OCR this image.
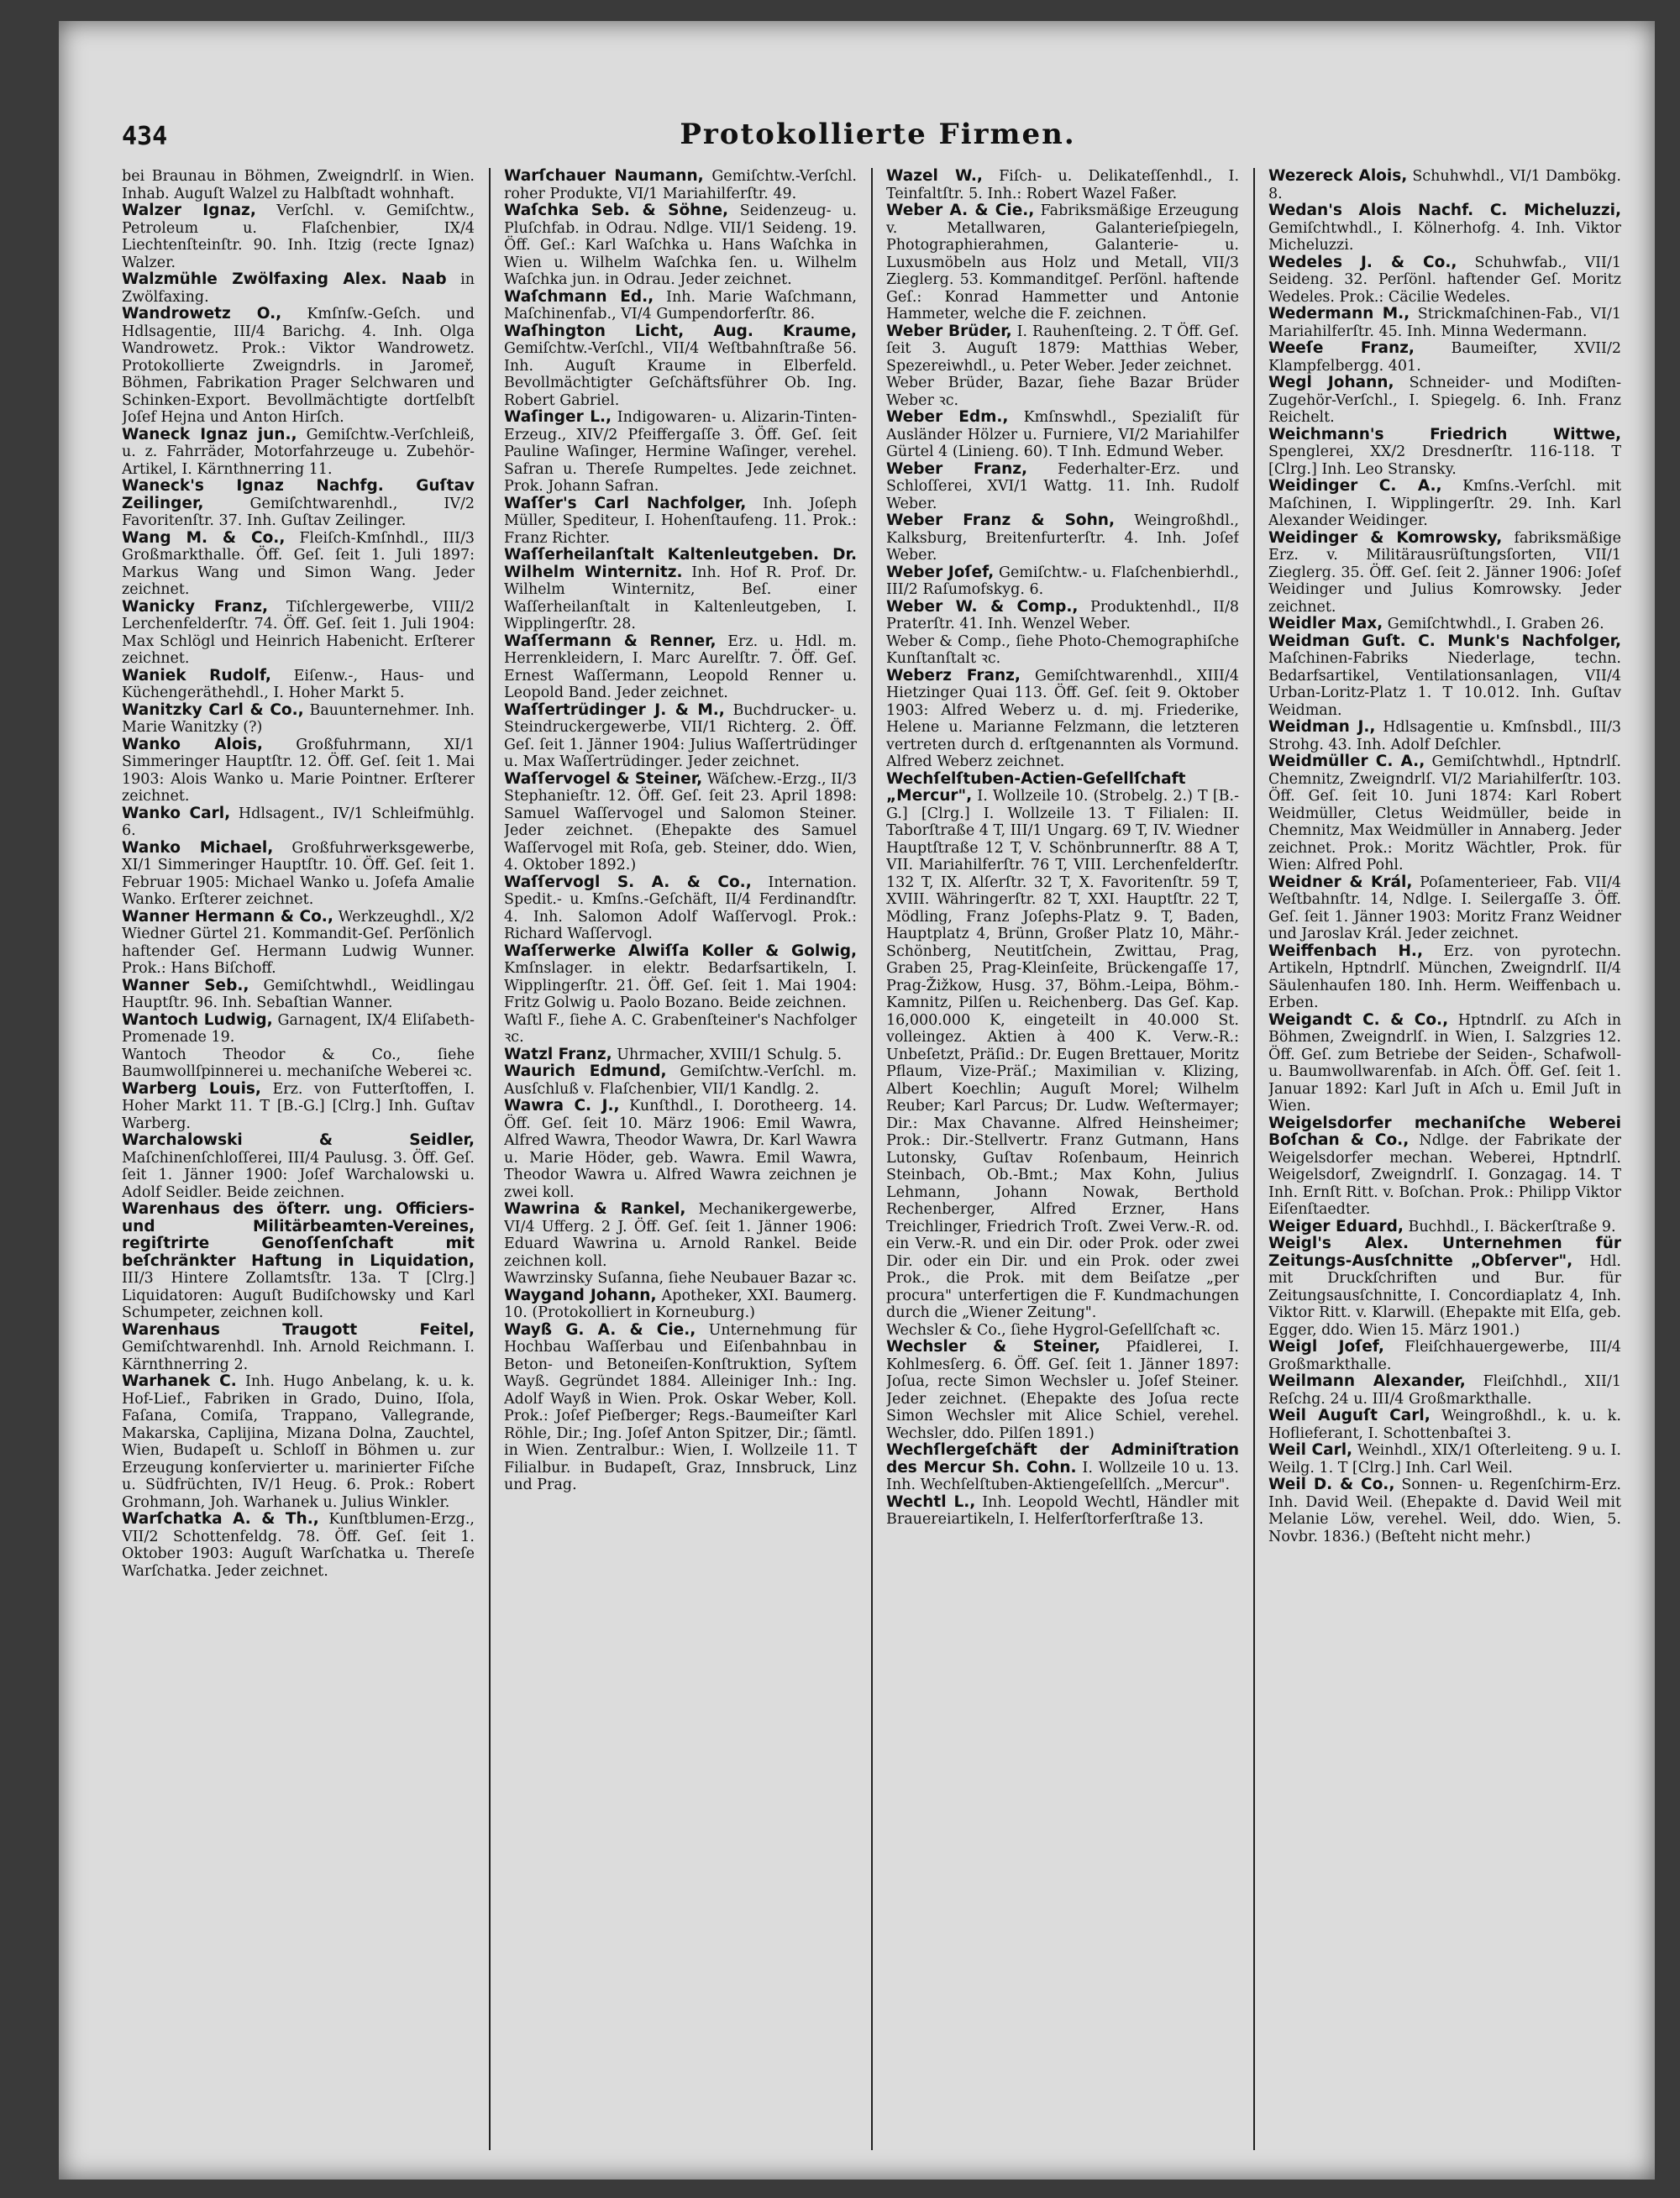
434	Protokollierte Firmen.

bei Braunau in Böhmen, Zweigndrlſ. in Wien. Inhab. Auguſt Walzel zu Halbſtadt wohnhaft.

Walzer Ignaz, Verſchl. v. Gemiſchtw., Petroleum u. Flaſchenbier, IX/4 Liechtenſteinſtr. 90. Inh. Itzig (recte Ignaz) Walzer.

Walzmühle Zwölfaxing Alex. Naab in Zwölfaxing.

Wandrowetz O., Kmſnſw.-Geſch. und Hdlsagentie, III/4 Barichg. 4. Inh. Olga Wandrowetz. Prok.: Viktor Wandrowetz. Protokollierte Zweigndrls. in Jaromeř, Böhmen, Fabrikation Prager Selchwaren und Schinken-Export. Bevollmächtigte dortſelbſt Joſef Hejna und Anton Hirſch.

Waneck Ignaz jun., Gemiſchtw.-Verſchleiß, u. z. Fahrräder, Motorfahrzeuge u. Zubehör-Artikel, I. Kärnthnerring 11.

Waneck's Ignaz Nachfg. Guſtav Zeilinger, Gemiſchtwarenhdl., IV/2 Favoritenſtr. 37. Inh. Guſtav Zeilinger.

Wang M. & Co., Fleiſch-Kmſnhdl., III/3 Großmarkthalle. Öff. Geſ. ſeit 1. Juli 1897: Markus Wang und Simon Wang. Jeder zeichnet.

Wanicky Franz, Tiſchlergewerbe, VIII/2 Lerchenfelderſtr. 74. Öff. Geſ. ſeit 1. Juli 1904: Max Schlögl und Heinrich Habenicht. Erſterer zeichnet.

Waniek Rudolf, Eiſenw.-, Haus- und Küchengeräthehdl., I. Hoher Markt 5.

Wanitzky Carl & Co., Bauunternehmer. Inh. Marie Wanitzky (?)

Wanko Alois, Großfuhrmann, XI/1 Simmeringer Hauptſtr. 12. Öff. Geſ. ſeit 1. Mai 1903: Alois Wanko u. Marie Pointner. Erſterer zeichnet.

Wanko Carl, Hdlsagent., IV/1 Schleifmühlg. 6.

Wanko Michael, Großfuhrwerksgewerbe, XI/1 Simmeringer Hauptſtr. 10. Öff. Geſ. ſeit 1. Februar 1905: Michael Wanko u. Joſefa Amalie Wanko. Erſterer zeichnet.

Wanner Hermann & Co., Werkzeughdl., X/2 Wiedner Gürtel 21. Kommandit-Geſ. Perſönlich haftender Geſ. Hermann Ludwig Wunner. Prok.: Hans Biſchoff.

Wanner Seb., Gemiſchtwhdl., Weidlingau Hauptſtr. 96. Inh. Sebaſtian Wanner.

Wantoch Ludwig, Garnagent, IX/4 Eliſabeth-Promenade 19.

Wantoch Theodor & Co., ſiehe Baumwollſpinnerei u. mechaniſche Weberei ꝛc.

Warberg Louis, Erz. von Futterſtoffen, I. Hoher Markt 11. T [B.-G.] [Clrg.] Inh. Guſtav Warberg.

Warchalowski & Seidler, Maſchinenſchloſſerei, III/4 Paulusg. 3. Öff. Geſ. ſeit 1. Jänner 1900: Joſef Warchalowski u. Adolf Seidler. Beide zeichnen.

Warenhaus des öſterr. ung. Officiers- und Militärbeamten-Vereines, regiſtrirte Genoſſenſchaft mit beſchränkter Haftung in Liquidation, III/3 Hintere Zollamtsſtr. 13a. T [Clrg.] Liquidatoren: Auguſt Budiſchowsky und Karl Schumpeter, zeichnen koll.

Warenhaus Traugott Feitel, Gemiſchtwarenhdl. Inh. Arnold Reichmann. I. Kärnthnerring 2.

Warhanek C. Inh. Hugo Anbelang, k. u. k. Hof-Lief., Fabriken in Grado, Duino, Iſola, Faſana, Comiſa, Trappano, Vallegrande, Makarska, Caplijina, Mizana Dolna, Zauchtel, Wien, Budapeſt u. Schloſſ in Böhmen u. zur Erzeugung konſervierter u. marinierter Fiſche u. Südfrüchten, IV/1 Heug. 6. Prok.: Robert Grohmann, Joh. Warhanek u. Julius Winkler.

Warſchatka A. & Th., Kunſtblumen-Erzg., VII/2 Schottenfeldg. 78. Öff. Geſ. ſeit 1. Oktober 1903: Auguſt Warſchatka u. Thereſe Warſchatka. Jeder zeichnet.

Warſchauer Naumann, Gemiſchtw.-Verſchl. roher Produkte, VI/1 Mariahilferſtr. 49.

Waſchka Seb. & Söhne, Seidenzeug- u. Pluſchfab. in Odrau. Ndlge. VII/1 Seideng. 19. Öff. Geſ.: Karl Waſchka u. Hans Waſchka in Wien u. Wilhelm Waſchka ſen. u. Wilhelm Waſchka jun. in Odrau. Jeder zeichnet.

Waſchmann Ed., Inh. Marie Waſchmann, Maſchinenfab., VI/4 Gumpendorferſtr. 86.

Waſhington Licht, Aug. Kraume, Gemiſchtw.-Verſchl., VII/4 Weſtbahnſtraße 56. Inh. Auguſt Kraume in Elberfeld. Bevollmächtigter Geſchäftsführer Ob. Ing. Robert Gabriel.

Waſinger L., Indigowaren- u. Alizarin-Tinten-Erzeug., XIV/2 Pfeiffergaſſe 3. Öff. Geſ. ſeit Pauline Waſinger, Hermine Waſinger, verehel. Safran u. Thereſe Rumpeltes. Jede zeichnet. Prok. Johann Safran.

Waſſer's Carl Nachfolger, Inh. Joſeph Müller, Spediteur, I. Hohenſtaufeng. 11. Prok.: Franz Richter.

Waſſerheilanſtalt Kaltenleutgeben. Dr. Wilhelm Winternitz. Inh. Hof R. Prof. Dr. Wilhelm Winternitz, Beſ. einer Waſſerheilanſtalt in Kaltenleutgeben, I. Wipplingerſtr. 28.

Waſſermann & Renner, Erz. u. Hdl. m. Herrenkleidern, I. Marc Aurelſtr. 7. Öff. Geſ. Ernest Waſſermann, Leopold Renner u. Leopold Band. Jeder zeichnet.

Waſſertrüdinger J. & M., Buchdrucker- u. Steindruckergewerbe, VII/1 Richterg. 2. Öff. Geſ. ſeit 1. Jänner 1904: Julius Waſſertrüdinger u. Max Waſſertrüdinger. Jeder zeichnet.

Waſſervogel & Steiner, Wäſchew.-Erzg., II/3 Stephanieſtr. 12. Öff. Geſ. ſeit 23. April 1898: Samuel Waſſervogel und Salomon Steiner. Jeder zeichnet. (Ehepakte des Samuel Waſſervogel mit Roſa, geb. Steiner, ddo. Wien, 4. Oktober 1892.)

Waſſervogl S. A. & Co., Internation. Spedit.- u. Kmſns.-Geſchäft, II/4 Ferdinandſtr. 4. Inh. Salomon Adolf Waſſervogl. Prok.: Richard Waſſervogl.

Waſſerwerke Alwiſſa Koller & Golwig, Kmſnslager. in elektr. Bedarfsartikeln, I. Wipplingerſtr. 21. Öff. Geſ. ſeit 1. Mai 1904: Fritz Golwig u. Paolo Bozano. Beide zeichnen.

Waſtl F., ſiehe A. C. Grabenſteiner's Nachfolger ꝛc.

Watzl Franz, Uhrmacher, XVIII/1 Schulg. 5.

Waurich Edmund, Gemiſchtw.-Verſchl. m. Ausſchluß v. Flaſchenbier, VII/1 Kandlg. 2.

Wawra C. J., Kunſthdl., I. Dorotheerg. 14. Öff. Geſ. ſeit 10. März 1906: Emil Wawra, Alfred Wawra, Theodor Wawra, Dr. Karl Wawra u. Marie Höder, geb. Wawra. Emil Wawra, Theodor Wawra u. Alfred Wawra zeichnen je zwei koll.

Wawrina & Rankel, Mechanikergewerbe, VI/4 Ufferg. 2 J. Öff. Geſ. ſeit 1. Jänner 1906: Eduard Wawrina u. Arnold Rankel. Beide zeichnen koll.

Wawrzinsky Suſanna, ſiehe Neubauer Bazar ꝛc.

Waygand Johann, Apotheker, XXI. Baumerg. 10. (Protokolliert in Korneuburg.)

Wayß G. A. & Cie., Unternehmung für Hochbau Waſſerbau und Eiſenbahnbau in Beton- und Betoneiſen-Konſtruktion, Syſtem Wayß. Gegründet 1884. Alleiniger Inh.: Ing. Adolf Wayß in Wien. Prok. Oskar Weber, Koll. Prok.: Joſef Pieſberger; Regs.-Baumeiſter Karl Röhle, Dir.; Ing. Joſef Anton Spitzer, Dir.; ſämtl. in Wien. Zentralbur.: Wien, I. Wollzeile 11. T Filialbur. in Budapeſt, Graz, Innsbruck, Linz und Prag.

Wazel W., Fiſch- u. Delikateſſenhdl., I. Teinfaltſtr. 5. Inh.: Robert Wazel Faßer.

Weber A. & Cie., Fabriksmäßige Erzeugung v. Metallwaren, Galanterieſpiegeln, Photographierahmen, Galanterie- u. Luxusmöbeln aus Holz und Metall, VII/3 Zieglerg. 53. Kommanditgeſ. Perſönl. haftende Geſ.: Konrad Hammetter und Antonie Hammeter, welche die F. zeichnen.

Weber Brüder, I. Rauhenſteing. 2. T Öff. Geſ. ſeit 3. Auguſt 1879: Matthias Weber, Spezereiwhdl., u. Peter Weber. Jeder zeichnet.

Weber Brüder, Bazar, ſiehe Bazar Brüder Weber ꝛc.

Weber Edm., Kmſnswhdl., Spezialiſt für Ausländer Hölzer u. Furniere, VI/2 Mariahilfer Gürtel 4 (Linieng. 60). T Inh. Edmund Weber.

Weber Franz, Federhalter-Erz. und Schloſſerei, XVI/1 Wattg. 11. Inh. Rudolf Weber.

Weber Franz & Sohn, Weingroßhdl., Kalksburg, Breitenfurterſtr. 4. Inh. Joſef Weber.

Weber Joſef, Gemiſchtw.- u. Flaſchenbierhdl., III/2 Raſumofskyg. 6.

Weber W. & Comp., Produktenhdl., II/8 Praterſtr. 41. Inh. Wenzel Weber.

Weber & Comp., ſiehe Photo-Chemographiſche Kunſtanſtalt ꝛc.

Weberz Franz, Gemiſchtwarenhdl., XIII/4 Hietzinger Quai 113. Öff. Geſ. ſeit 9. Oktober 1903: Alfred Weberz u. d. mj. Friederike, Helene u. Marianne Felzmann, die letzteren vertreten durch d. erſtgenannten als Vormund. Alfred Weberz zeichnet.

Wechſelſtuben-Actien-Geſellſchaft „Mercur", I. Wollzeile 10. (Strobelg. 2.) T [B.-G.] [Clrg.] I. Wollzeile 13. T Filialen: II. Taborſtraße 4 T, III/1 Ungarg. 69 T, IV. Wiedner Hauptſtraße 12 T, V. Schönbrunnerſtr. 88 A T, VII. Mariahilferſtr. 76 T, VIII. Lerchenfelderſtr. 132 T, IX. Alſerſtr. 32 T, X. Favoritenſtr. 59 T, XVIII. Währingerſtr. 82 T, XXI. Hauptſtr. 22 T, Mödling, Franz Joſephs-Platz 9. T, Baden, Hauptplatz 4, Brünn, Großer Platz 10, Mähr.-Schönberg, Neutitſchein, Zwittau, Prag, Graben 25, Prag-Kleinſeite, Brückengaſſe 17, Prag-Žižkow, Husg. 37, Böhm.-Leipa, Böhm.-Kamnitz, Pilſen u. Reichenberg. Das Geſ. Kap. 16,000.000 K, eingeteilt in 40.000 St. volleingez. Aktien à 400 K. Verw.-R.: Unbeſetzt, Präſid.: Dr. Eugen Brettauer, Moritz Pflaum, Vize-Präſ.; Maximilian v. Klizing, Albert Koechlin; Auguſt Morel; Wilhelm Reuber; Karl Parcus; Dr. Ludw. Weſtermayer; Dir.: Max Chavanne. Alfred Heinsheimer; Prok.: Dir.-Stellvertr. Franz Gutmann, Hans Lutonsky, Guſtav Roſenbaum, Heinrich Steinbach, Ob.-Bmt.; Max Kohn, Julius Lehmann, Johann Nowak, Berthold Rechenberger, Alfred Erzner, Hans Treichlinger, Friedrich Troſt. Zwei Verw.-R. od. ein Verw.-R. und ein Dir. oder Prok. oder zwei Dir. oder ein Dir. und ein Prok. oder zwei Prok., die Prok. mit dem Beiſatze „per procura" unterfertigen die F. Kundmachungen durch die „Wiener Zeitung".

Wechsler & Co., ſiehe Hygrol-Geſellſchaft ꝛc.

Wechsler & Steiner, Pfaidlerei, I. Kohlmesſerg. 6. Öff. Geſ. ſeit 1. Jänner 1897: Joſua, recte Simon Wechsler u. Joſef Steiner. Jeder zeichnet. (Ehepakte des Joſua recte Simon Wechsler mit Alice Schiel, verehel. Wechsler, ddo. Pilſen 1891.)

Wechſlergeſchäft der Adminiſtration des Mercur Sh. Cohn. I. Wollzeile 10 u. 13. Inh. Wechſelſtuben-Aktiengeſellſch. „Mercur".

Wechtl L., Inh. Leopold Wechtl, Händler mit Brauereiartikeln, I. Helferſtorferſtraße 13.

Wezereck Alois, Schuhwhdl., VI/1 Dambökg. 8.

Wedan's Alois Nachf. C. Micheluzzi, Gemiſchtwhdl., I. Kölnerhofg. 4. Inh. Viktor Micheluzzi.

Wedeles J. & Co., Schuhwfab., VII/1 Seideng. 32. Perſönl. haftender Geſ. Moritz Wedeles. Prok.: Cäcilie Wedeles.

Wedermann M., Strickmaſchinen-Fab., VI/1 Mariahilferſtr. 45. Inh. Minna Wedermann.

Weeſe Franz, Baumeiſter, XVII/2 Klampfelbergg. 401.

Wegl Johann, Schneider- und Modiſten-Zugehör-Verſchl., I. Spiegelg. 6. Inh. Franz Reichelt.

Weichmann's Friedrich Wittwe, Spenglerei, XX/2 Dresdnerſtr. 116-118. T [Clrg.] Inh. Leo Stransky.

Weidinger C. A., Kmſns.-Verſchl. mit Maſchinen, I. Wipplingerſtr. 29. Inh. Karl Alexander Weidinger.

Weidinger & Komrowsky, fabriksmäßige Erz. v. Militärausrüſtungsſorten, VII/1 Zieglerg. 35. Öff. Geſ. ſeit 2. Jänner 1906: Joſef Weidinger und Julius Komrowsky. Jeder zeichnet.

Weidler Max, Gemiſchtwhdl., I. Graben 26.

Weidman Guſt. C. Munk's Nachfolger, Maſchinen-Fabriks Niederlage, techn. Bedarfsartikel, Ventilationsanlagen, VII/4 Urban-Loritz-Platz 1. T 10.012. Inh. Guſtav Weidman.

Weidman J., Hdlsagentie u. Kmſnsbdl., III/3 Strohg. 43. Inh. Adolf Deſchler.

Weidmüller C. A., Gemiſchtwhdl., Hptndrlſ. Chemnitz, Zweigndrlſ. VI/2 Mariahilferſtr. 103. Öff. Geſ. ſeit 10. Juni 1874: Karl Robert Weidmüller, Cletus Weidmüller, beide in Chemnitz, Max Weidmüller in Annaberg. Jeder zeichnet. Prok.: Moritz Wächtler, Prok. für Wien: Alfred Pohl.

Weidner & Král, Poſamenterieer, Fab. VII/4 Weſtbahnſtr. 14, Ndlge. I. Seilergaſſe 3. Öff. Geſ. ſeit 1. Jänner 1903: Moritz Franz Weidner und Jaroslav Král. Jeder zeichnet.

Weiffenbach H., Erz. von pyrotechn. Artikeln, Hptndrlſ. München, Zweigndrlſ. II/4 Säulenhaufen 180. Inh. Herm. Weiffenbach u. Erben.

Weigandt C. & Co., Hptndrlſ. zu Aſch in Böhmen, Zweigndrlſ. in Wien, I. Salzgries 12. Öff. Geſ. zum Betriebe der Seiden-, Schafwoll- u. Baumwollwarenfab. in Aſch. Öff. Geſ. ſeit 1. Januar 1892: Karl Juſt in Aſch u. Emil Juſt in Wien.

Weigelsdorfer mechaniſche Weberei Boſchan & Co., Ndlge. der Fabrikate der Weigelsdorfer mechan. Weberei, Hptndrlſ. Weigelsdorf, Zweigndrlſ. I. Gonzagag. 14. T Inh. Ernſt Ritt. v. Boſchan. Prok.: Philipp Viktor Eiſenſtaedter.

Weiger Eduard, Buchhdl., I. Bäckerſtraße 9.

Weigl's Alex. Unternehmen für Zeitungs-Ausſchnitte „Obſerver", Hdl. mit Druckſchriften und Bur. für Zeitungsausſchnitte, I. Concordiaplatz 4, Inh. Viktor Ritt. v. Klarwill. (Ehepakte mit Elſa, geb. Egger, ddo. Wien 15. März 1901.)

Weigl Joſef, Fleiſchhauergewerbe, III/4 Großmarkthalle.

Weilmann Alexander, Fleiſchhdl., XII/1 Reſchg. 24 u. III/4 Großmarkthalle.

Weil Auguſt Carl, Weingroßhdl., k. u. k. Hoflieferant, I. Schottenbaſtei 3.

Weil Carl, Weinhdl., XIX/1 Oſterleiteng. 9 u. I. Weilg. 1. T [Clrg.] Inh. Carl Weil.

Weil D. & Co., Sonnen- u. Regenſchirm-Erz. Inh. David Weil. (Ehepakte d. David Weil mit Melanie Löw, verehel. Weil, ddo. Wien, 5. Novbr. 1836.) (Beſteht nicht mehr.)
